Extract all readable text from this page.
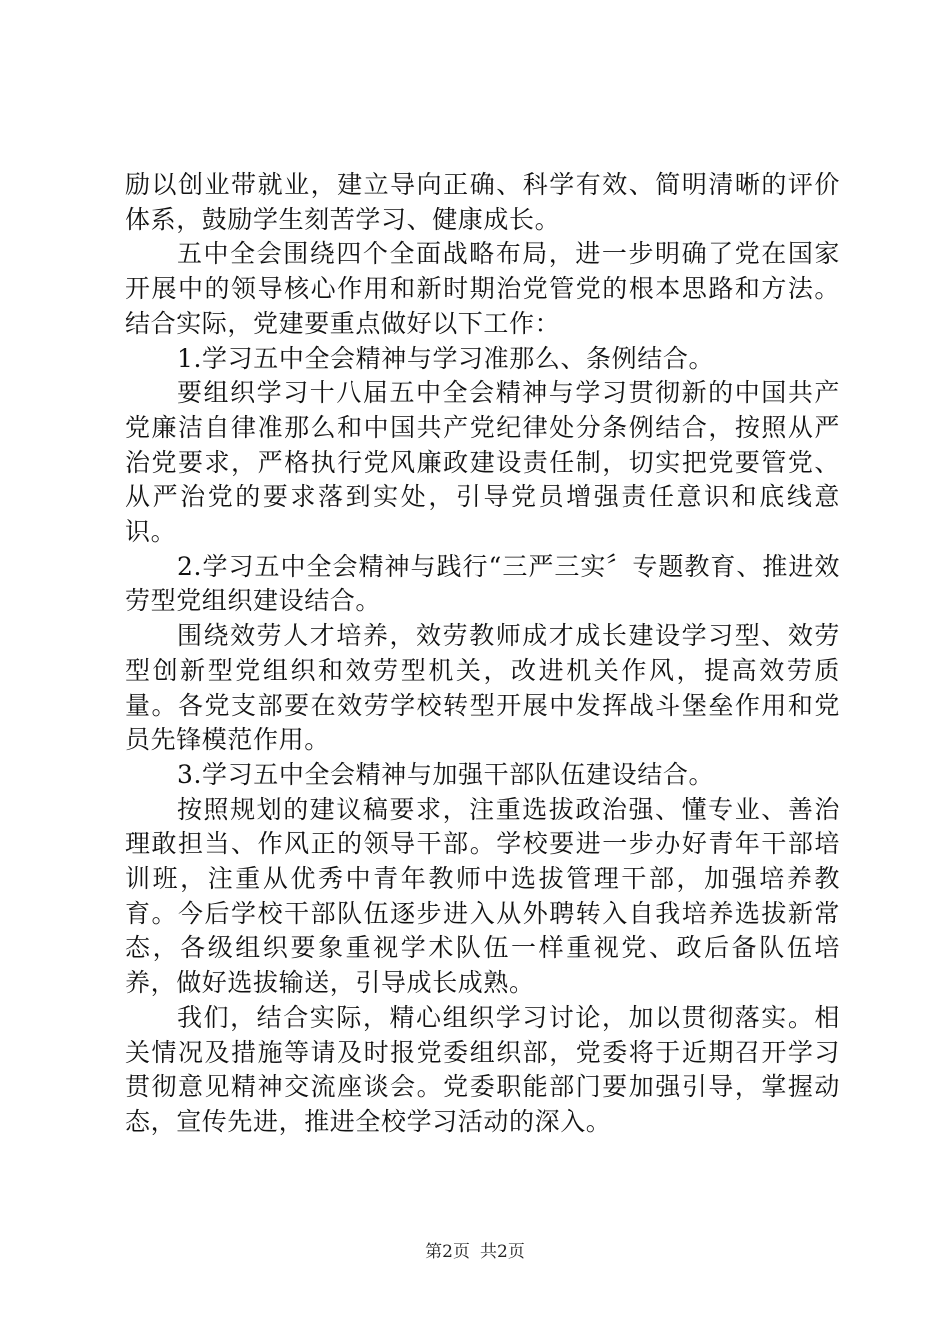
励以创业带就业，建立导向正确、科学有效、简明清晰的评价体系，鼓励学生刻苦学习、健康成长。

五中全会围绕四个全面战略布局，进一步明确了党在国家开展中的领导核心作用和新时期治党管党的根本思路和方法。结合实际，党建要重点做好以下工作：

1.学习五中全会精神与学习准那么、条例结合。

要组织学习十八届五中全会精神与学习贯彻新的中国共产党廉洁自律准那么和中国共产党纪律处分条例结合，按照从严治党要求，严格执行党风廉政建设责任制，切实把党要管党、从严治党的要求落到实处，引导党员增强责任意识和底线意识。

2.学习五中全会精神与践行“三严三实〞专题教育、推进效劳型党组织建设结合。

围绕效劳人才培养，效劳教师成才成长建设学习型、效劳型创新型党组织和效劳型机关，改进机关作风，提高效劳质量。各党支部要在效劳学校转型开展中发挥战斗堡垒作用和党员先锋模范作用。

3.学习五中全会精神与加强干部队伍建设结合。

按照规划的建议稿要求，注重选拔政治强、懂专业、善治理敢担当、作风正的领导干部。学校要进一步办好青年干部培训班，注重从优秀中青年教师中选拔管理干部，加强培养教育。今后学校干部队伍逐步进入从外聘转入自我培养选拔新常态，各级组织要象重视学术队伍一样重视党、政后备队伍培养，做好选拔输送，引导成长成熟。

我们，结合实际，精心组织学习讨论，加以贯彻落实。相关情况及措施等请及时报党委组织部，党委将于近期召开学习贯彻意见精神交流座谈会。党委职能部门要加强引导，掌握动态，宣传先进，推进全校学习活动的深入。

第2页 共2页
